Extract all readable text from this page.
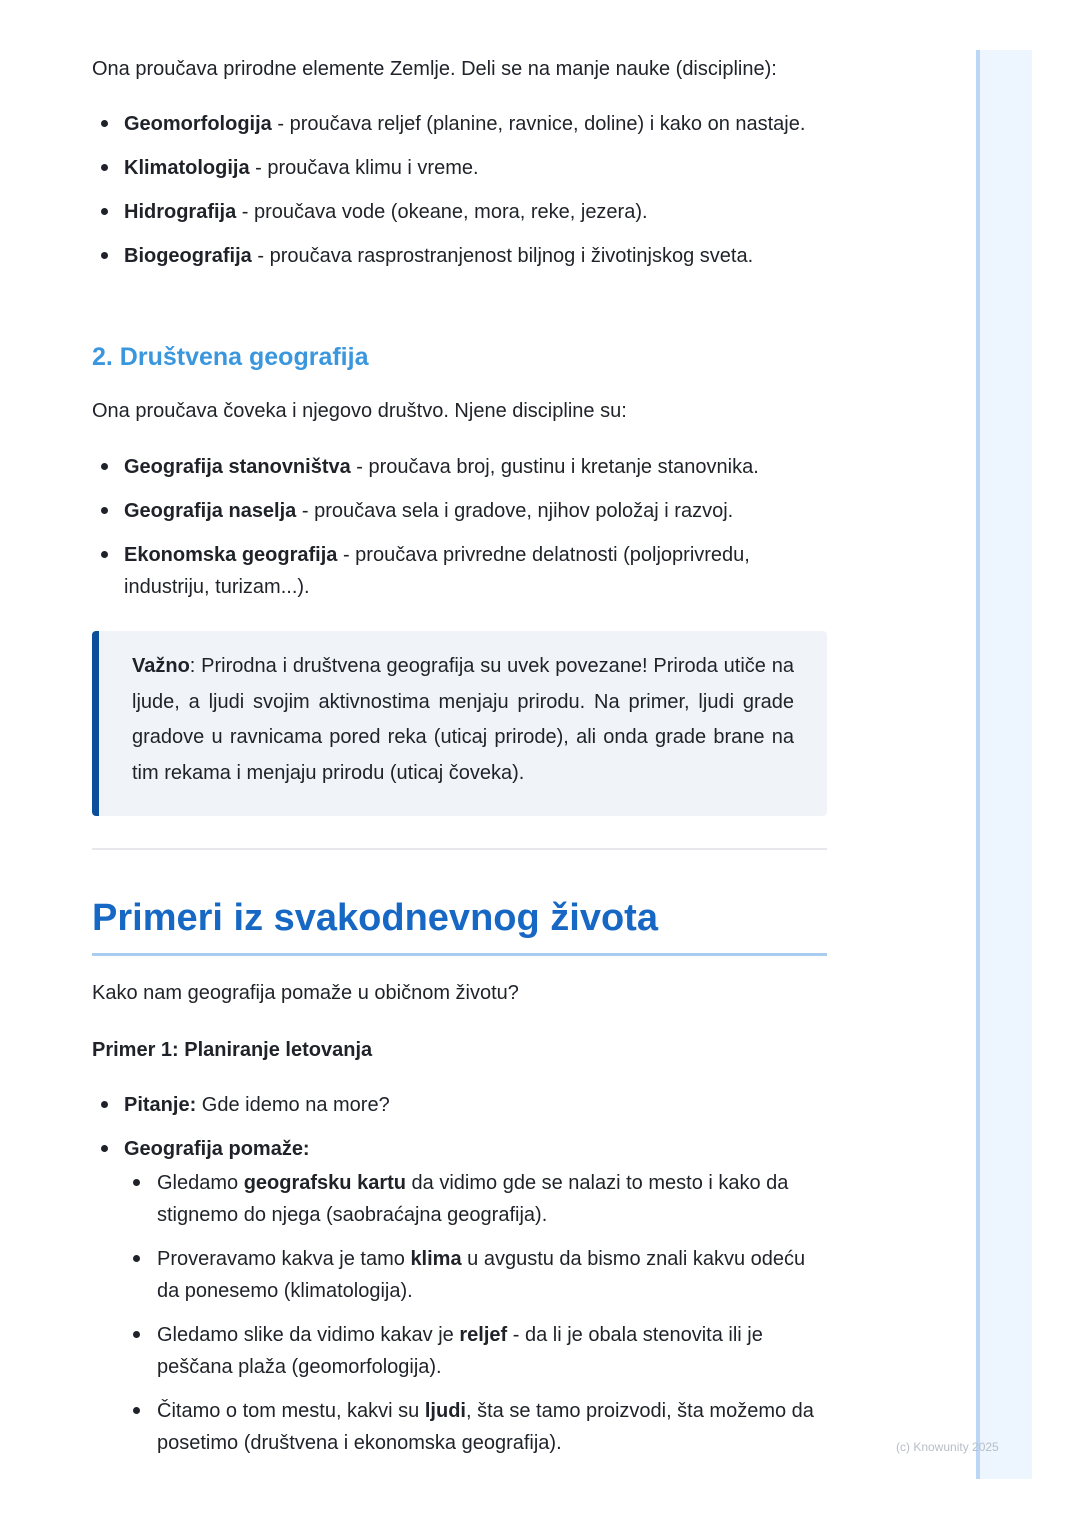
(c) Knowunity 2025

Ona proučava prirodne elemente Zemlje. Deli se na manje nauke (discipline):

Geomorfologija - proučava reljef (planine, ravnice, doline) i kako on nastaje.
Klimatologija - proučava klimu i vreme.
Hidrografija - proučava vode (okeane, mora, reke, jezera).
Biogeografija - proučava rasprostranjenost biljnog i životinjskog sveta.
2. Društvena geografija

Ona proučava čoveka i njegovo društvo. Njene discipline su:

Geografija stanovništva - proučava broj, gustinu i kretanje stanovnika.
Geografija naselja - proučava sela i gradove, njihov položaj i razvoj.
Ekonomska geografija - proučava privredne delatnosti (poljoprivredu, industriju, turizam...).

Važno: Prirodna i društvena geografija su uvek povezane! Priroda utiče na ljude, a ljudi svojim aktivnostima menjaju prirodu. Na primer, ljudi grade gradove u ravnicama pored reka (uticaj prirode), ali onda grade brane na tim rekama i menjaju prirodu (uticaj čoveka).

Primeri iz svakodnevnog života

Kako nam geografija pomaže u običnom životu?

Primer 1: Planiranje letovanja

Pitanje: Gde idemo na more?
Geografija pomaže:
Gledamo geografsku kartu da vidimo gde se nalazi to mesto i kako da stignemo do njega (saobraćajna geografija).
Proveravamo kakva je tamo klima u avgustu da bismo znali kakvu odeću da ponesemo (klimatologija).
Gledamo slike da vidimo kakav je reljef - da li je obala stenovita ili je peščana plaža (geomorfologija).
Čitamo o tom mestu, kakvi su ljudi, šta se tamo proizvodi, šta možemo da posetimo (društvena i ekonomska geografija).
